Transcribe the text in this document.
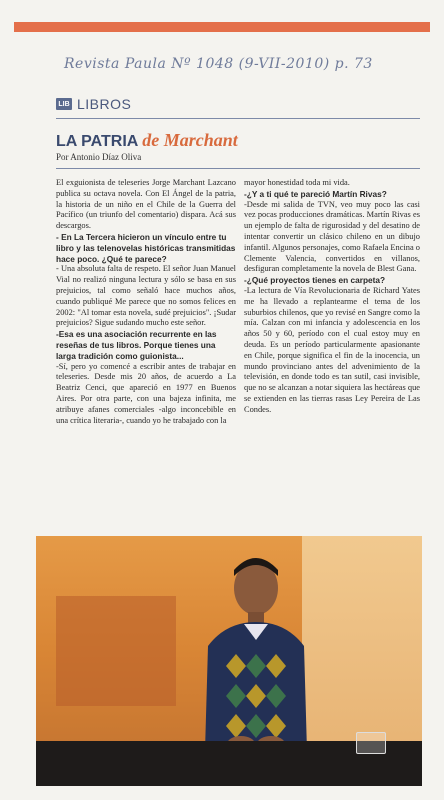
Revista Paula Nº 1048 (9-VII-2010) p. 73
LIB LIBROS
LA PATRIA de Marchant
Por Antonio Díaz Oliva

El exguionista de teleseries Jorge Marchant Lazcano publica su octava novela. Con El Ángel de la patria, la historia de un niño en el Chile de la Guerra del Pacífico (un triunfo del comentario) dispara. Acá sus descargos.

- En La Tercera hicieron un vínculo entre tu libro y las telenovelas históricas transmitidas hace poco. ¿Qué te parece?

- Una absoluta falta de respeto. El señor Juan Manuel Vial no realizó ninguna lectura y sólo se basa en sus prejuicios, tal como señaló hace muchos años, cuando publiqué Me parece que no somos felices en 2002: "Al tomar esta novela, sudé prejuicios". ¡Sudar prejuicios? Sigue sudando mucho este señor.

-Esa es una asociación recurrente en las reseñas de tus libros. Porque tienes una larga tradición como guionista...

-Sí, pero yo comencé a escribir antes de trabajar en teleseries. Desde mis 20 años, de acuerdo a La Beatriz Cenci, que apareció en 1977 en Buenos Aires. Por otra parte, con una bajeza infinita, me atribuye afanes comerciales -algo inconcebible en una crítica literaria-, cuando yo he trabajado con la

mayor honestidad toda mi vida.

-¿Y a ti qué te pareció Martín Rivas?

-Desde mi salida de TVN, veo muy poco las casi vez pocas producciones dramáticas. Martín Rivas es un ejemplo de falta de rigurosidad y del desatino de intentar convertir un clásico chileno en un dibujo infantil. Algunos personajes, como Rafaela Encina o Clemente Valencia, convertidos en villanos, desfiguran completamente la novela de Blest Gana.

-¿Qué proyectos tienes en carpeta?

-La lectura de Vía Revolucionaria de Richard Yates me ha llevado a replantearme el tema de los suburbios chilenos, que yo revisé en Sangre como la mía. Calzan con mi infancia y adolescencia en los años 50 y 60, período con el cual estoy muy en deuda. Es un período particularmente apasionante en Chile, porque significa el fin de la inocencia, un mundo provinciano antes del advenimiento de la televisión, en donde todo es tan sutil, casi invisible, que no se alcanzan a notar siquiera las hectáreas que se extienden en las tierras rasas Ley Pereira de Las Condes.
